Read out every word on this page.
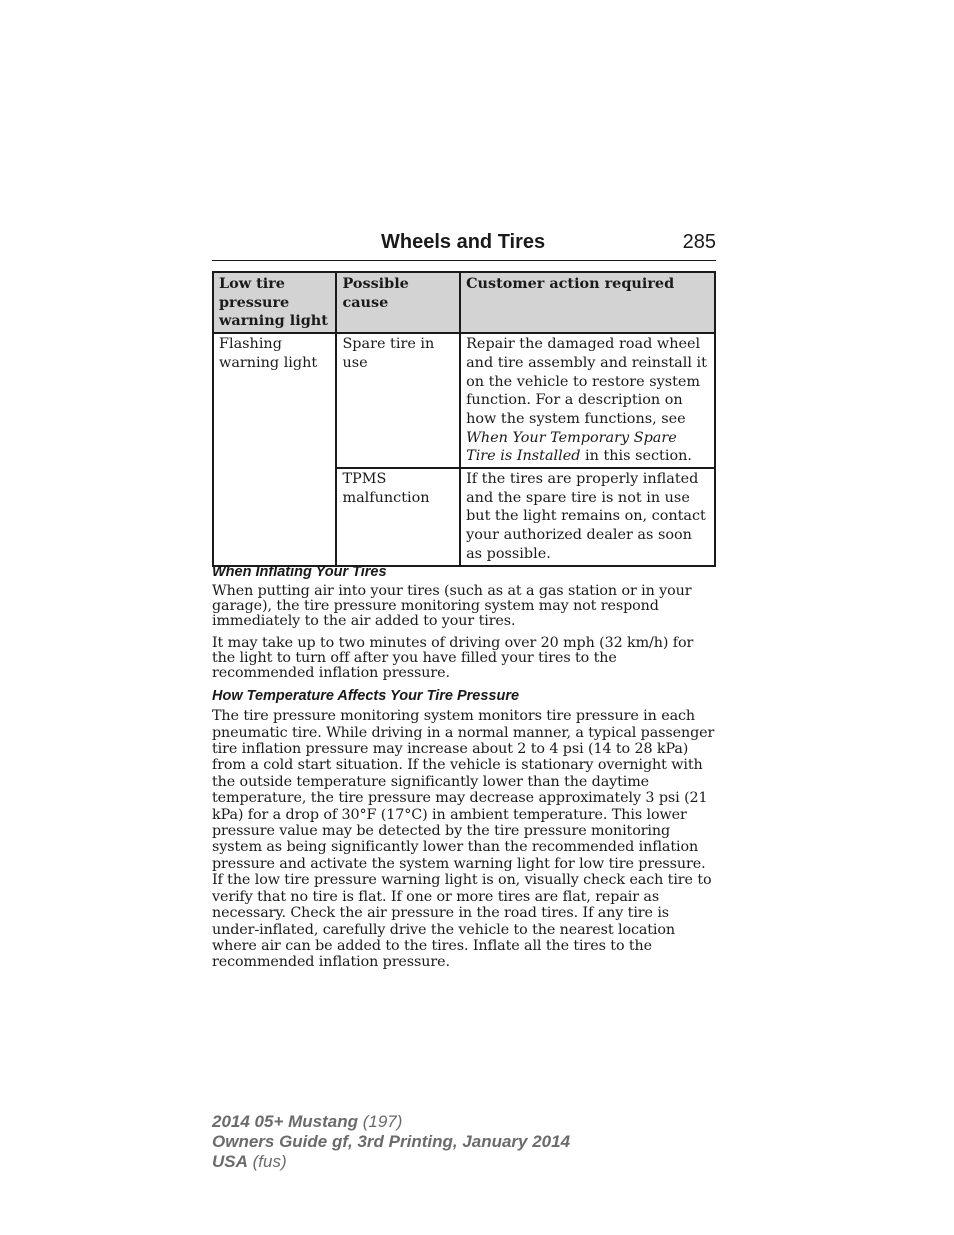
Wheels and Tires	285
Low tire pressure warning light	Possible cause	Customer action required
Flashing warning light	Spare tire in use	Repair the damaged road wheel and tire assembly and reinstall it on the vehicle to restore system function. For a description on how the system functions, see When Your Temporary Spare Tire is Installed in this section.
	TPMS malfunction	If the tires are properly inflated and the spare tire is not in use but the light remains on, contact your authorized dealer as soon as possible.
When Inflating Your Tires

When putting air into your tires (such as at a gas station or in your garage), the tire pressure monitoring system may not respond immediately to the air added to your tires.

It may take up to two minutes of driving over 20 mph (32 km/h) for the light to turn off after you have filled your tires to the recommended inflation pressure.

How Temperature Affects Your Tire Pressure

The tire pressure monitoring system monitors tire pressure in each pneumatic tire. While driving in a normal manner, a typical passenger tire inflation pressure may increase about 2 to 4 psi (14 to 28 kPa) from a cold start situation. If the vehicle is stationary overnight with the outside temperature significantly lower than the daytime temperature, the tire pressure may decrease approximately 3 psi (21 kPa) for a drop of 30°F (17°C) in ambient temperature. This lower pressure value may be detected by the tire pressure monitoring system as being significantly lower than the recommended inflation pressure and activate the system warning light for low tire pressure. If the low tire pressure warning light is on, visually check each tire to verify that no tire is flat. If one or more tires are flat, repair as necessary. Check the air pressure in the road tires. If any tire is under-inflated, carefully drive the vehicle to the nearest location where air can be added to the tires. Inflate all the tires to the recommended inflation pressure.

2014 05+ Mustang (197)
Owners Guide gf, 3rd Printing, January 2014
USA (fus)
